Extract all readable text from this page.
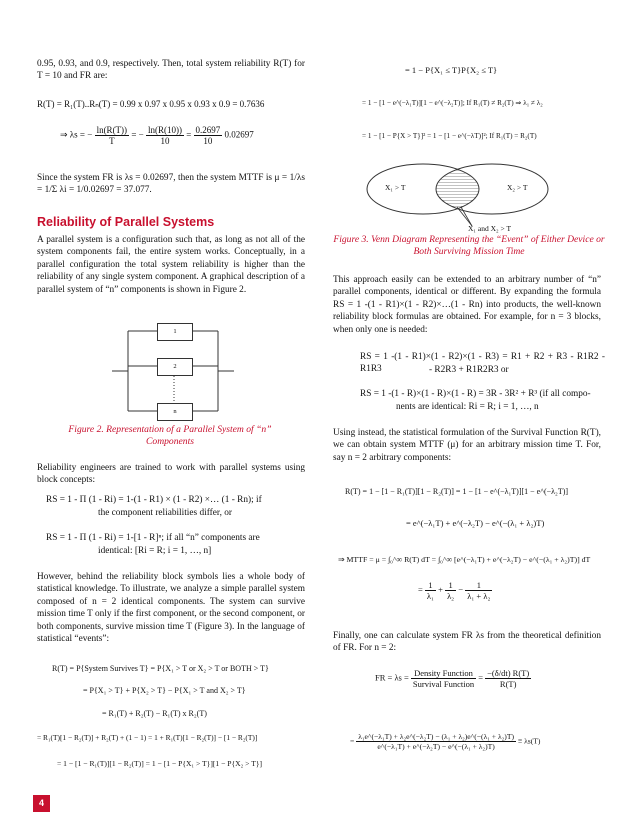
0.95, 0.93, and 0.9, respectively. Then, total system reliability R(T) for T = 10 and FR are:

R(T) = R₁(T)..Rₙ(T) = 0.99 x 0.97 x 0.95 x 0.93 x 0.9 = 0.7636
⇒ λs = − $\frac{\ln(R(T))}{T}$ = − $\frac{\ln(R(10))}{10} = \frac{0.2697}{10} 0.02697$

Since the system FR is λs = 0.02697, then the system MTTF is μ = 1/λs = 1/Σ λi = 1/0.02697 = 37.077.

Reliability of Parallel Systems

A parallel system is a configuration such that, as long as not all of the system components fail, the entire system works. Conceptually, in a parallel configuration the total system reliability is higher than the reliability of any single system component. A graphical description of a parallel system of “n” components is shown in Figure 2.

1
2
n
Figure 2. Representation of a Parallel System of “n” Components

Reliability engineers are trained to work with parallel systems using block concepts:

RS = 1 - Π (1 - Ri) = 1-(1 - R1) × (1 - R2) ×… (1 - Rn); if

the component reliabilities differ, or

RS = 1 - Π (1 - Ri) = 1-[1 - R]ⁿ; if all “n” components are

identical: [Ri = R; i = 1, …, n]

However, behind the reliability block symbols lies a whole body of statistical knowledge. To illustrate, we analyze a simple parallel system composed of n = 2 identical components. The system can survive mission time T only if the first component, or the second component, or both components, survive mission time T (Figure 3). In the language of statistical “events”:

R(T) = P{System Survives T} = P{X₁ > T or X₂ > T or BOTH > T}
= P{X₁ > T} + P{X₂ > T} − P{X₁ > T and X₂ > T}
= R₁(T) + R₂(T) − R₁(T) x R₂(T)
= R₁(T)[1 − R₂(T)] + R₂(T) + (1 − 1) = 1 + R₁(T)[1 − R₂(T)] − [1 − R₂(T)]
= 1 − [1 − R₁(T)][1 − R₂(T)] = 1 − [1 − P{X₁ > T}][1 − P{X₂ > T}]
4
= 1 − P{X₁ ≤ T}P{X₂ ≤ T}
= 1 − [1 − e^(−λ₁T)][1 − e^(−λ₂T)]; If R₁(T) ≠ R₂(T) ⇒ λ₁ ≠ λ₂
= 1 − [1 − P{X > T}]² = 1 − [1 − e^(−λT)]²; If R₁(T) = R₂(T)
X₁ > T	X₂ > T
X₁ and X₂ > T
Figure 3. Venn Diagram Representing the “Event” of Either Device or Both Surviving Mission Time

This approach easily can be extended to an arbitrary number of “n” parallel components, identical or different. By expanding the formula RS = 1 -(1 - R1)×(1 - R2)×…(1 - Rn) into products, the well-known reliability block formulas are obtained. For example, for n = 3 blocks, when only one is needed:

RS = 1 -(1 - R1)×(1 - R2)×(1 - R3) = R1 + R2 + R3 - R1R2 - R1R3	- R2R3 + R1R2R3 or

RS = 1 -(1 - R)×(1 - R)×(1 - R) = 3R - 3R² + R³ (if all compo-

nents are identical: Ri = R; i = 1, …, n

Using instead, the statistical formulation of the Survival Function R(T), we can obtain system MTTF (μ) for an arbitrary mission time T. For, say n = 2 arbitrary components:

R(T) = 1 − [1 − R₁(T)][1 − R₂(T)] = 1 − [1 − e^(−λ₁T)][1 − e^(−λ₂T)]
= e^(−λ₁T) + e^(−λ₂T) − e^(−(λ₁ + λ₂)T)
⇒ MTTF = μ = ∫₀^∞ R(T) dT = ∫₀^∞ [e^(−λ₁T) + e^(−λ₂T) − e^(−(λ₁ + λ₂)T)] dT
= $\frac{1}{\text{λ₁}} + \frac{1}{\text{λ₂}} - \frac{1}{\text{λ₁ + λ₂}}$

Finally, one can calculate system FR λs from the theoretical definition of FR. For n = 2:

FR = $\lambda s = \frac{\text{Density Function}}{\text{Survival Function}} = \frac{-(\delta/dt) R(T)}{R(T)}$
= $\frac{\text{λ₁e\textasciicircum{}(−λ₁T) + λ₂e\textasciicircum{}(−λ₂T) − (λ₁ + λ₂)e\textasciicircum{}(−(λ₁ + λ₂)T)}}{\text{e\textasciicircum{}(−λ₁T) + e\textasciicircum{}(−λ₂T) − e\textasciicircum{}(−(λ₁ + λ₂)T)}} \equiv \lambda s(T)$
